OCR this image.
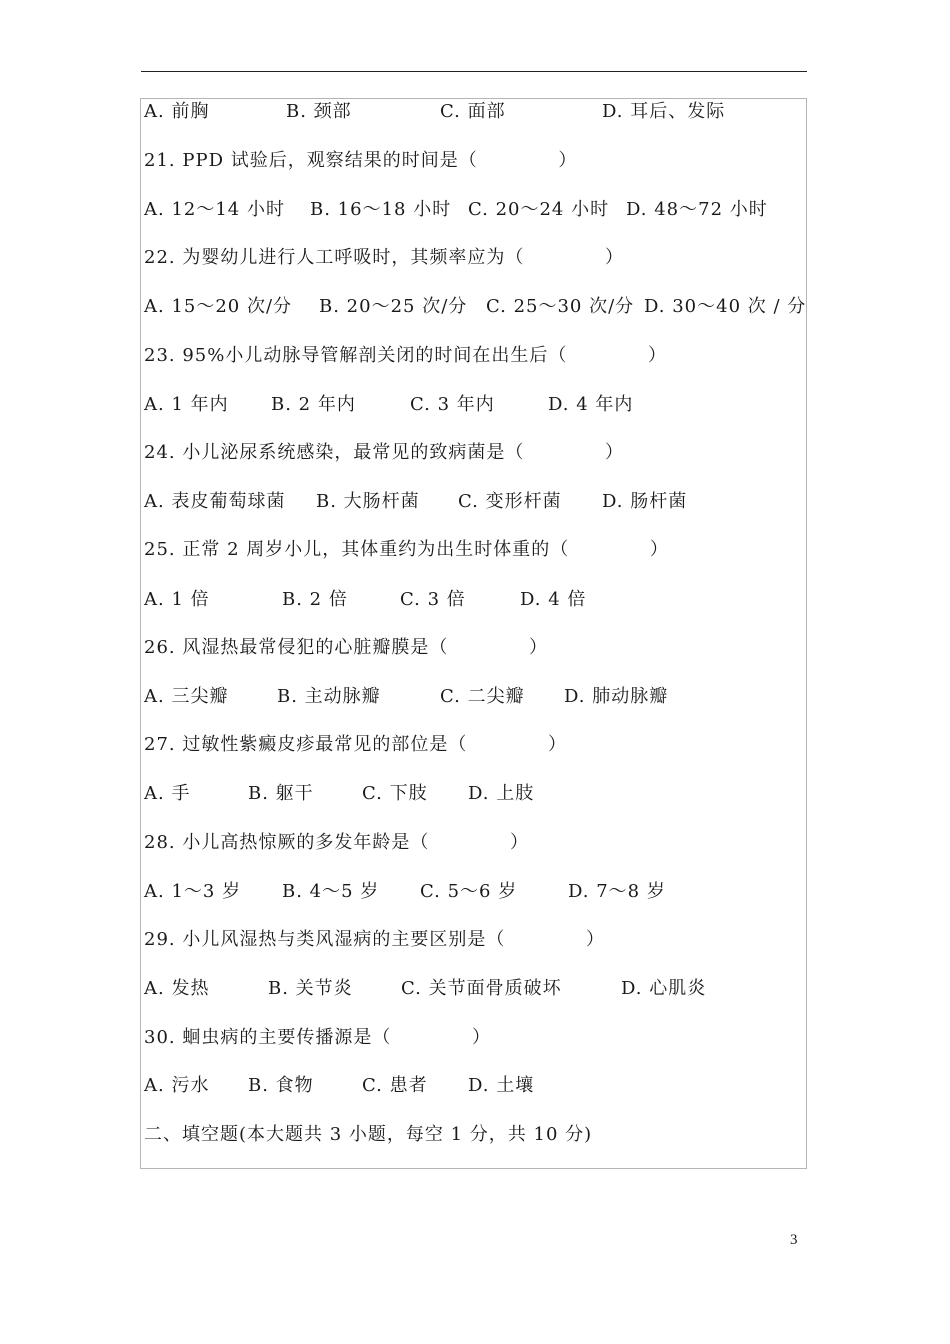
A. 前胸

	B. 颈部

	C. 面部

	D. 耳后、发际

21. PPD 试验后，观察结果的时间是（            ）

A. 12～14 小时

B. 16～18 小时

C. 20～24 小时

D. 48～72 小时

22. 为婴幼儿进行人工呼吸时，其频率应为（            ）

A. 15～20 次/分

B. 20～25 次/分

C. 25～30 次/分

D. 30～40 次 / 分

23. 95%小儿动脉导管解剖关闭的时间在出生后（            ）

A. 1 年内

B. 2 年内

	C. 3 年内

	D. 4 年内

24. 小儿泌尿系统感染，最常见的致病菌是（            ）

A. 表皮葡萄球菌

B. 大肠杆菌

C. 变形杆菌

D. 肠杆菌

25. 正常 2 周岁小儿，其体重约为出生时体重的（            ）

A. 1 倍

	B. 2 倍

	C. 3 倍

	D. 4 倍

26. 风湿热最常侵犯的心脏瓣膜是（            ）

A. 三尖瓣

	B. 主动脉瓣

	C. 二尖瓣

D. 肺动脉瓣

27. 过敏性紫癜皮疹最常见的部位是（            ）

A. 手

	B. 躯干

	C. 下肢

D. 上肢

28. 小儿高热惊厥的多发年龄是（            ）

A. 1～3 岁

B. 4～5 岁

C. 5～6 岁

	D. 7～8 岁

29. 小儿风湿热与类风湿病的主要区别是（            ）

A. 发热

	B. 关节炎

	C. 关节面骨质破坏

	D. 心肌炎

30. 蛔虫病的主要传播源是（            ）

A. 污水

B. 食物

	C. 患者

D. 土壤

二、填空题(本大题共 3 小题，每空 1 分，共 10 分)
3
